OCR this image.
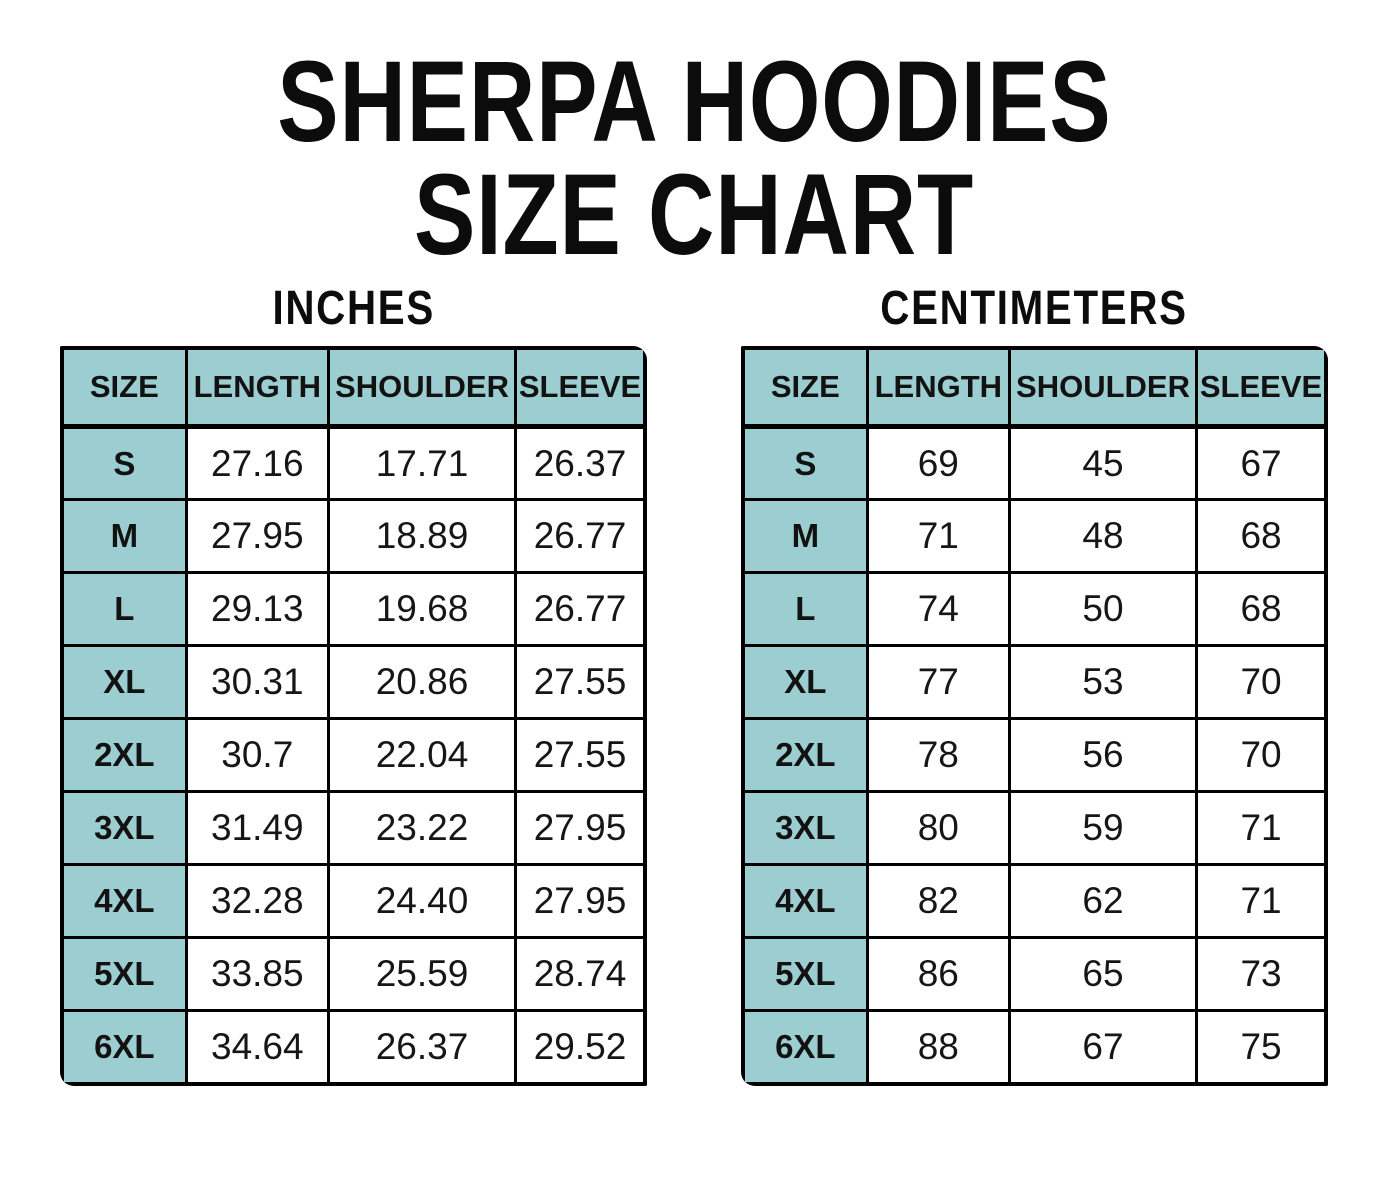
SHERPA HOODIES
SIZE CHART
INCHES
SIZE	LENGTH	SHOULDER	SLEEVE
S	27.16	17.71	26.37
M	27.95	18.89	26.77
L	29.13	19.68	26.77
XL	30.31	20.86	27.55
2XL	30.7	22.04	27.55
3XL	31.49	23.22	27.95
4XL	32.28	24.40	27.95
5XL	33.85	25.59	28.74
6XL	34.64	26.37	29.52
CENTIMETERS
SIZE	LENGTH	SHOULDER	SLEEVE
S	69	45	67
M	71	48	68
L	74	50	68
XL	77	53	70
2XL	78	56	70
3XL	80	59	71
4XL	82	62	71
5XL	86	65	73
6XL	88	67	75
